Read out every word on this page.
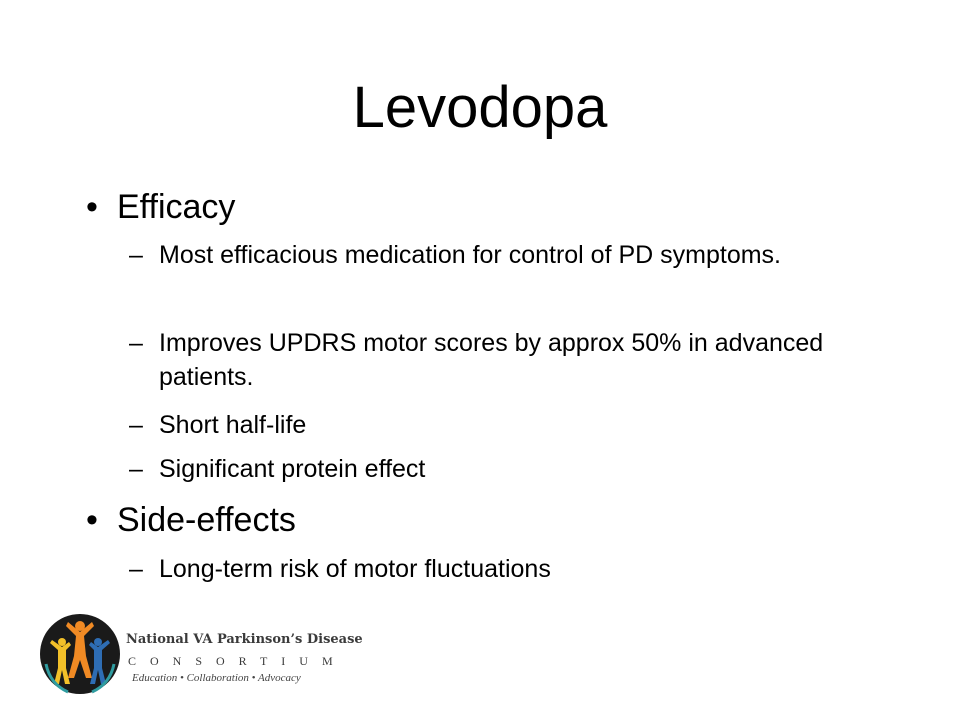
Levodopa
• Efficacy
– Most efficacious medication for control of PD symptoms.
– Improves UPDRS motor scores by approx 50% in advanced patients.
– Short half-life
– Significant protein effect
• Side-effects
– Long-term risk of motor fluctuations
National VA Parkinson’s Disease
CONSORTIUM
Education • Collaboration • Advocacy
